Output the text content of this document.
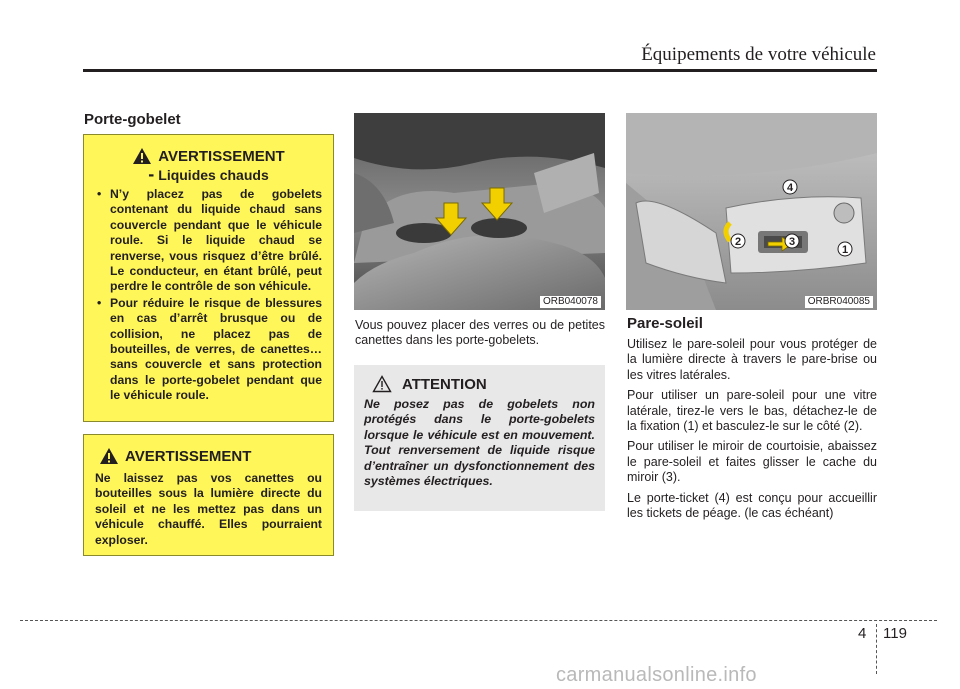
Équipements de votre véhicule
Porte-gobelet
AVERTISSEMENT
- Liquides chauds
• N’y placez pas de gobelets contenant du liquide chaud sans couvercle pendant que le véhicule roule. Si le liquide chaud se renverse, vous risquez d’être brûlé. Le conducteur, en étant brûlé, peut perdre le contrôle de son véhicule.
• Pour réduire le risque de blessures en cas d’arrêt brusque ou de collision, ne placez pas de bouteilles, de verres, de canettes…sans couvercle et sans protection dans le porte-gobelet pendant que le véhicule roule.
AVERTISSEMENT
Ne laissez pas vos canettes ou bouteilles sous la lumière directe du soleil et ne les mettez pas dans un véhicule chauffé. Elles pourraient exploser.
ORB040078
Vous pouvez placer des verres ou de petites canettes dans les porte-gobelets.
ATTENTION
Ne posez pas de gobelets non protégés dans le porte-gobelets lorsque le véhicule est en mouvement. Tout renversement de liquide risque d’entraîner un dysfonctionnement des systèmes électriques.
1
2	3
4
ORBR040085
Pare-soleil

Utilisez le pare-soleil pour vous protéger de la lumière directe à travers le pare-brise ou les vitres latérales.

Pour utiliser un pare-soleil pour une vitre latérale, tirez-le vers le bas, détachez-le de la fixation (1) et basculez-le sur le côté (2).

Pour utiliser le miroir de courtoisie, abaissez le pare-soleil et faites glisser le cache du miroir (3).

Le porte-ticket (4) est conçu pour accueillir les tickets de péage. (le cas échéant)

4 119
carmanualsonline.info
